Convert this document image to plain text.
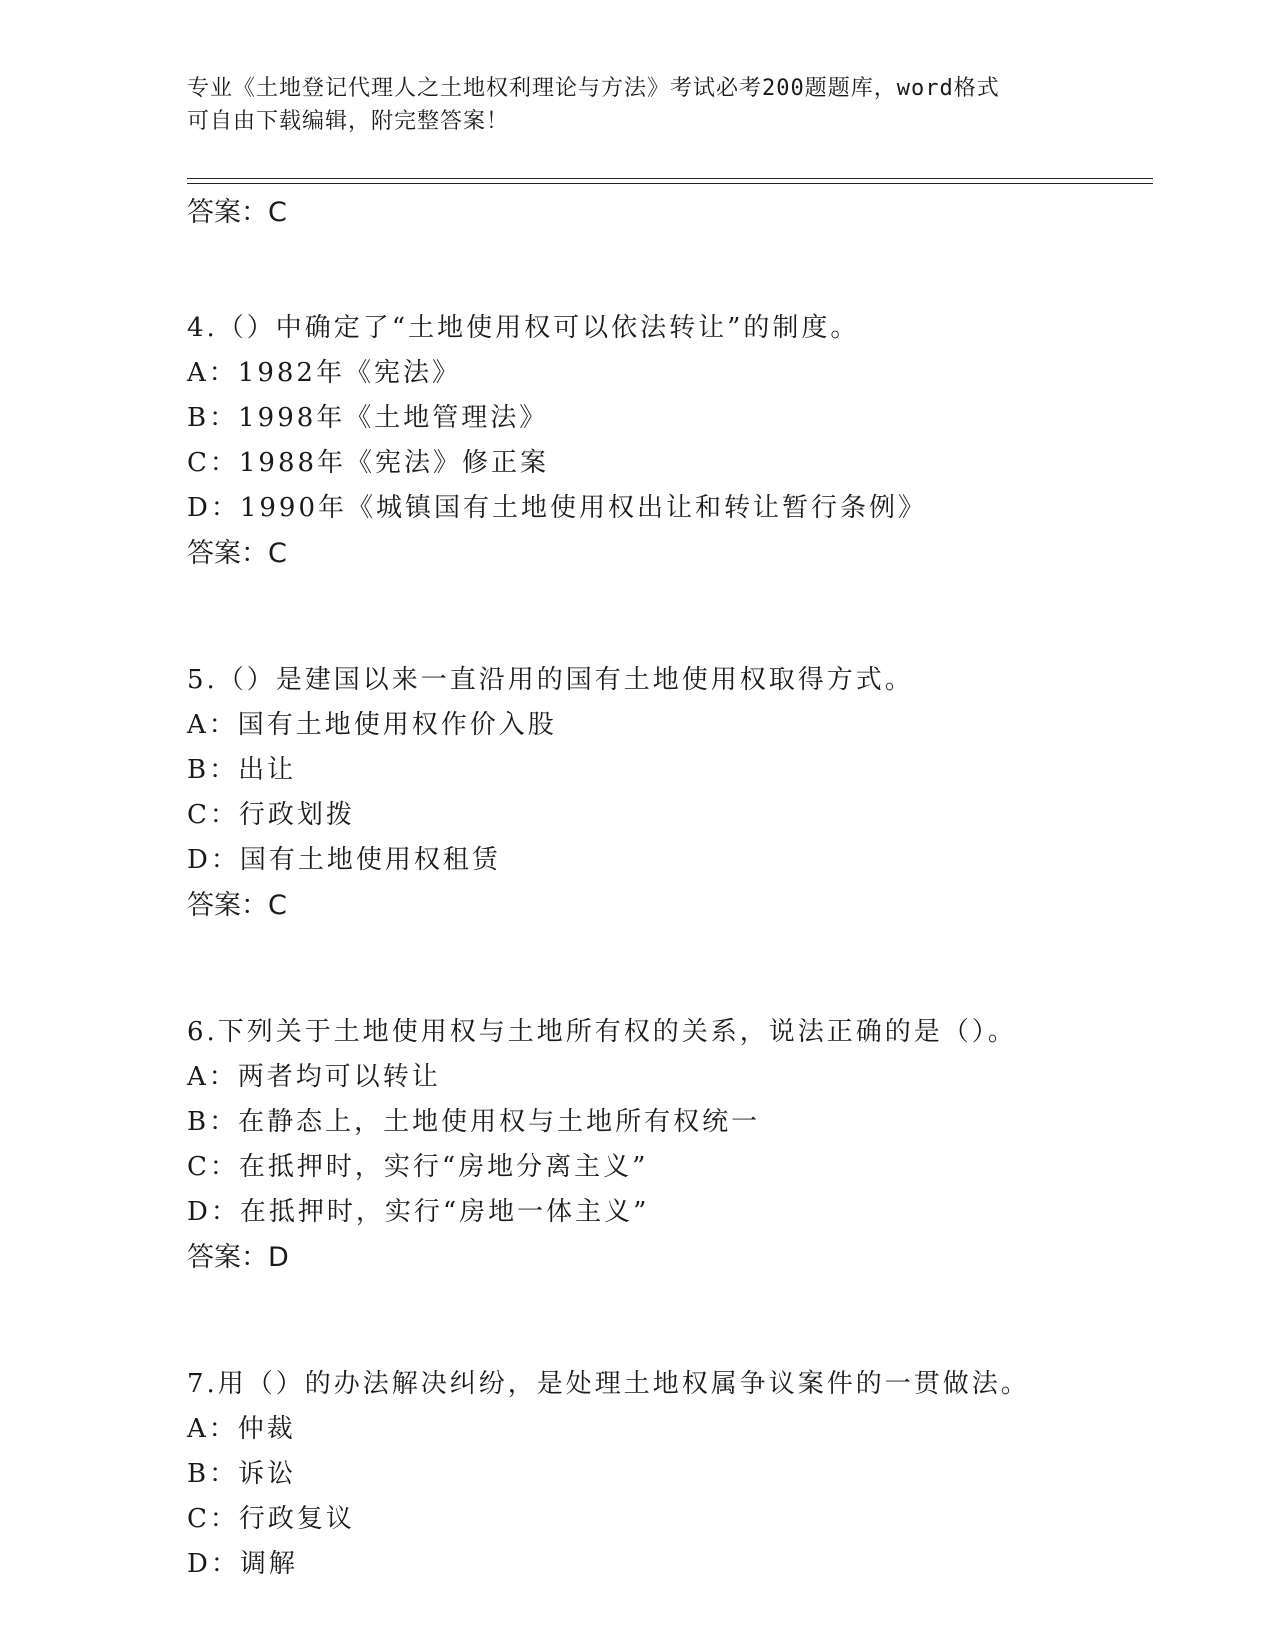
专业《土地登记代理人之土地权利理论与方法》考试必考200题题库，word格式
可自由下载编辑，附完整答案！
答案：C
4.（）中确定了“土地使用权可以依法转让”的制度。
A：1982年《宪法》
B：1998年《土地管理法》
C：1988年《宪法》修正案
D：1990年《城镇国有土地使用权出让和转让暂行条例》
答案：C
5.（）是建国以来一直沿用的国有土地使用权取得方式。
A：国有土地使用权作价入股
B：出让
C：行政划拨
D：国有土地使用权租赁
答案：C
6.下列关于土地使用权与土地所有权的关系，说法正确的是（）。
A：两者均可以转让
B：在静态上，土地使用权与土地所有权统一
C：在抵押时，实行“房地分离主义”
D：在抵押时，实行“房地一体主义”
答案：D
7.用（）的办法解决纠纷，是处理土地权属争议案件的一贯做法。
A：仲裁
B：诉讼
C：行政复议
D：调解
